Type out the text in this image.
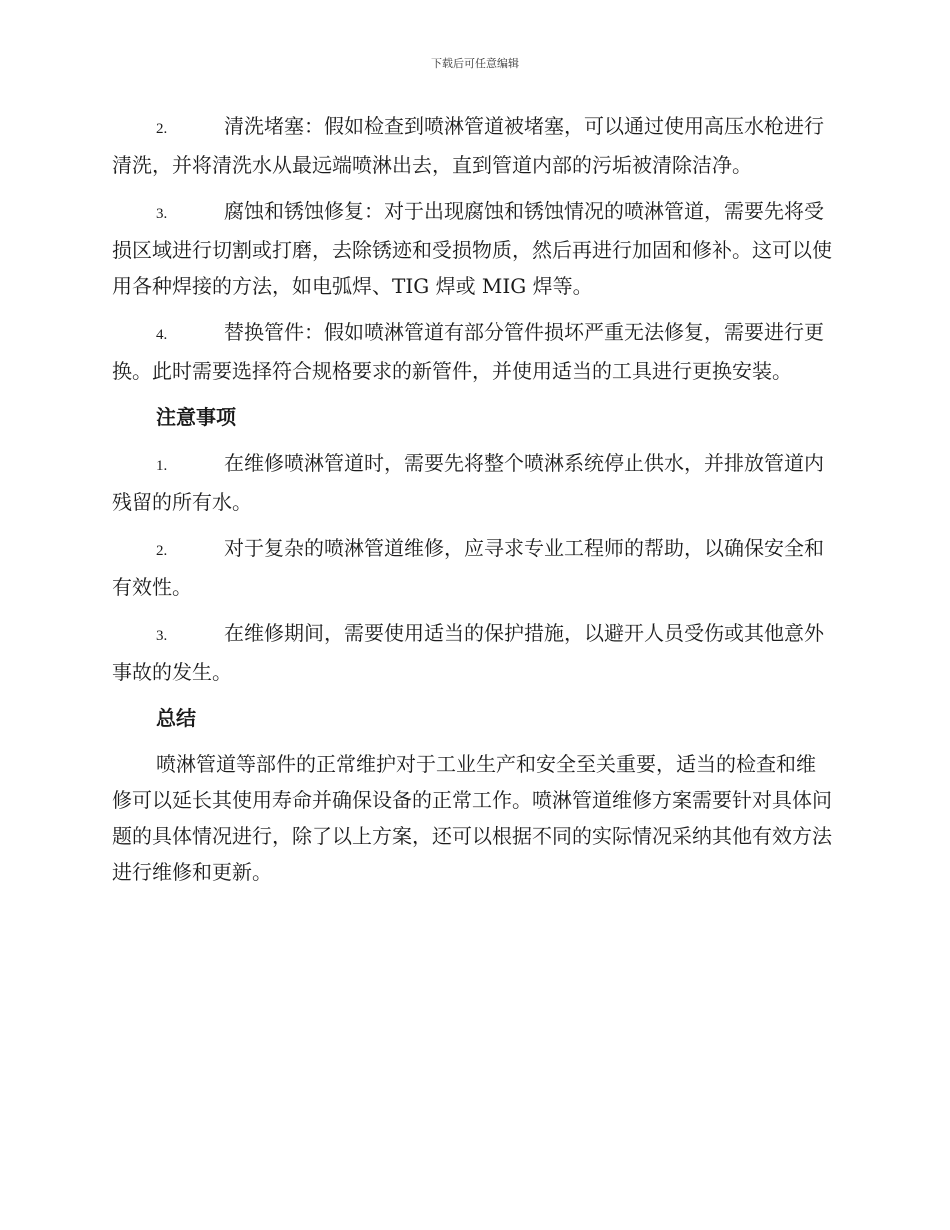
下载后可任意编辑

2.	清洗堵塞：假如检查到喷淋管道被堵塞，可以通过使用高压水枪进行清洗，并将清洗水从最远端喷淋出去，直到管道内部的污垢被清除洁净。

3.	腐蚀和锈蚀修复：对于出现腐蚀和锈蚀情况的喷淋管道，需要先将受损区域进行切割或打磨，去除锈迹和受损物质，然后再进行加固和修补。这可以使用各种焊接的方法，如电弧焊、TIG 焊或 MIG 焊等。

4.	替换管件：假如喷淋管道有部分管件损坏严重无法修复，需要进行更换。此时需要选择符合规格要求的新管件，并使用适当的工具进行更换安装。

注意事项

1.	在维修喷淋管道时，需要先将整个喷淋系统停止供水，并排放管道内残留的所有水。

2.	对于复杂的喷淋管道维修，应寻求专业工程师的帮助，以确保安全和有效性。

3.	在维修期间，需要使用适当的保护措施，以避开人员受伤或其他意外事故的发生。

总结

喷淋管道等部件的正常维护对于工业生产和安全至关重要，适当的检查和维修可以延长其使用寿命并确保设备的正常工作。喷淋管道维修方案需要针对具体问题的具体情况进行，除了以上方案，还可以根据不同的实际情况采纳其他有效方法进行维修和更新。
